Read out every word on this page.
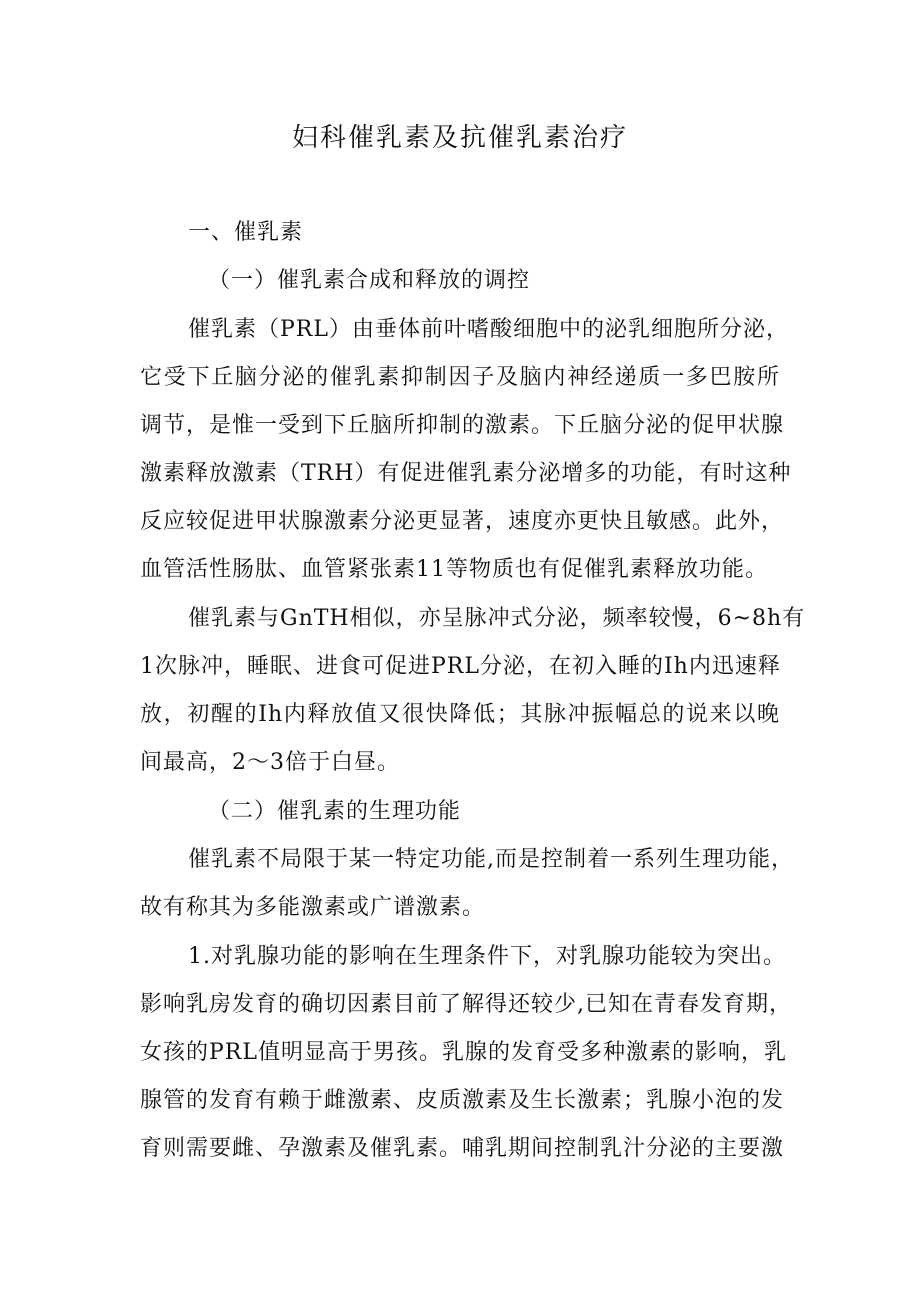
妇科催乳素及抗催乳素治疗
一、催乳素
（一）催乳素合成和释放的调控
催乳素（PRL）由垂体前叶嗜酸细胞中的泌乳细胞所分泌，
它受下丘脑分泌的催乳素抑制因子及脑内神经递质一多巴胺所
调节，是惟一受到下丘脑所抑制的激素。下丘脑分泌的促甲状腺
激素释放激素（TRH）有促进催乳素分泌增多的功能，有时这种
反应较促进甲状腺激素分泌更显著，速度亦更快且敏感。此外，
血管活性肠肽、血管紧张素11等物质也有促催乳素释放功能。
催乳素与GnTH相似，亦呈脉冲式分泌，频率较慢，6~8h有
1次脉冲，睡眠、进食可促进PRL分泌，在初入睡的Ih内迅速释
放，初醒的Ih内释放值又很快降低；其脉冲振幅总的说来以晚
间最高，2～3倍于白昼。
（二）催乳素的生理功能
催乳素不局限于某一特定功能,而是控制着一系列生理功能，
故有称其为多能激素或广谱激素。
1.对乳腺功能的影响在生理条件下，对乳腺功能较为突出。
影响乳房发育的确切因素目前了解得还较少,已知在青春发育期，
女孩的PRL值明显高于男孩。乳腺的发育受多种激素的影响，乳
腺管的发育有赖于雌激素、皮质激素及生长激素；乳腺小泡的发
育则需要雌、孕激素及催乳素。哺乳期间控制乳汁分泌的主要激
